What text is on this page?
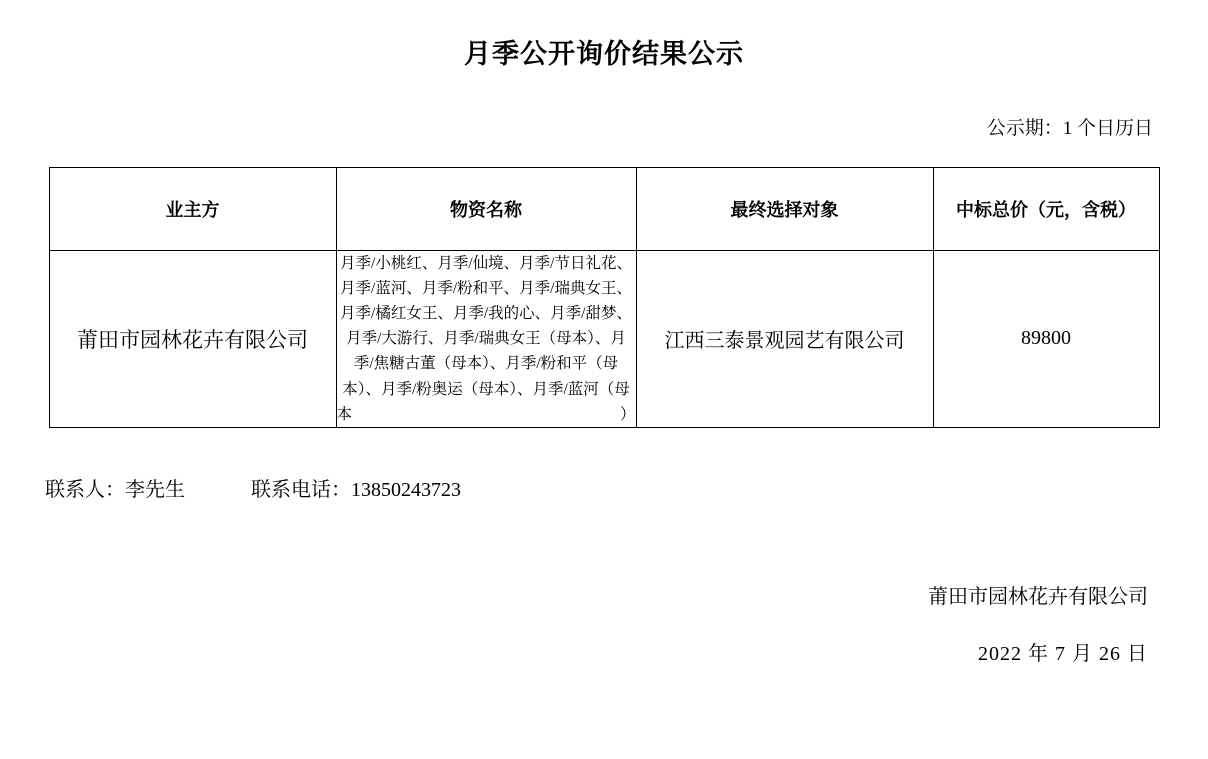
月季公开询价结果公示
公示期：1 个日历日
业主方	物资名称	最终选择对象	中标总价（元，含税）
莆田市园林花卉有限公司	月季/小桃红、月季/仙境、月季/节日礼花、月季/蓝河、月季/粉和平、月季/瑞典女王、月季/橘红女王、月季/我的心、月季/甜梦、月季/大游行、月季/瑞典女王（母本）、月季/焦糖古董（母本）、月季/粉和平（母本）、月季/粉奥运（母本）、月季/蓝河（母本）	江西三泰景观园艺有限公司	89800
联系人：李先生	联系电话：13850243723
莆田市园林花卉有限公司
2022 年 7 月 26 日
